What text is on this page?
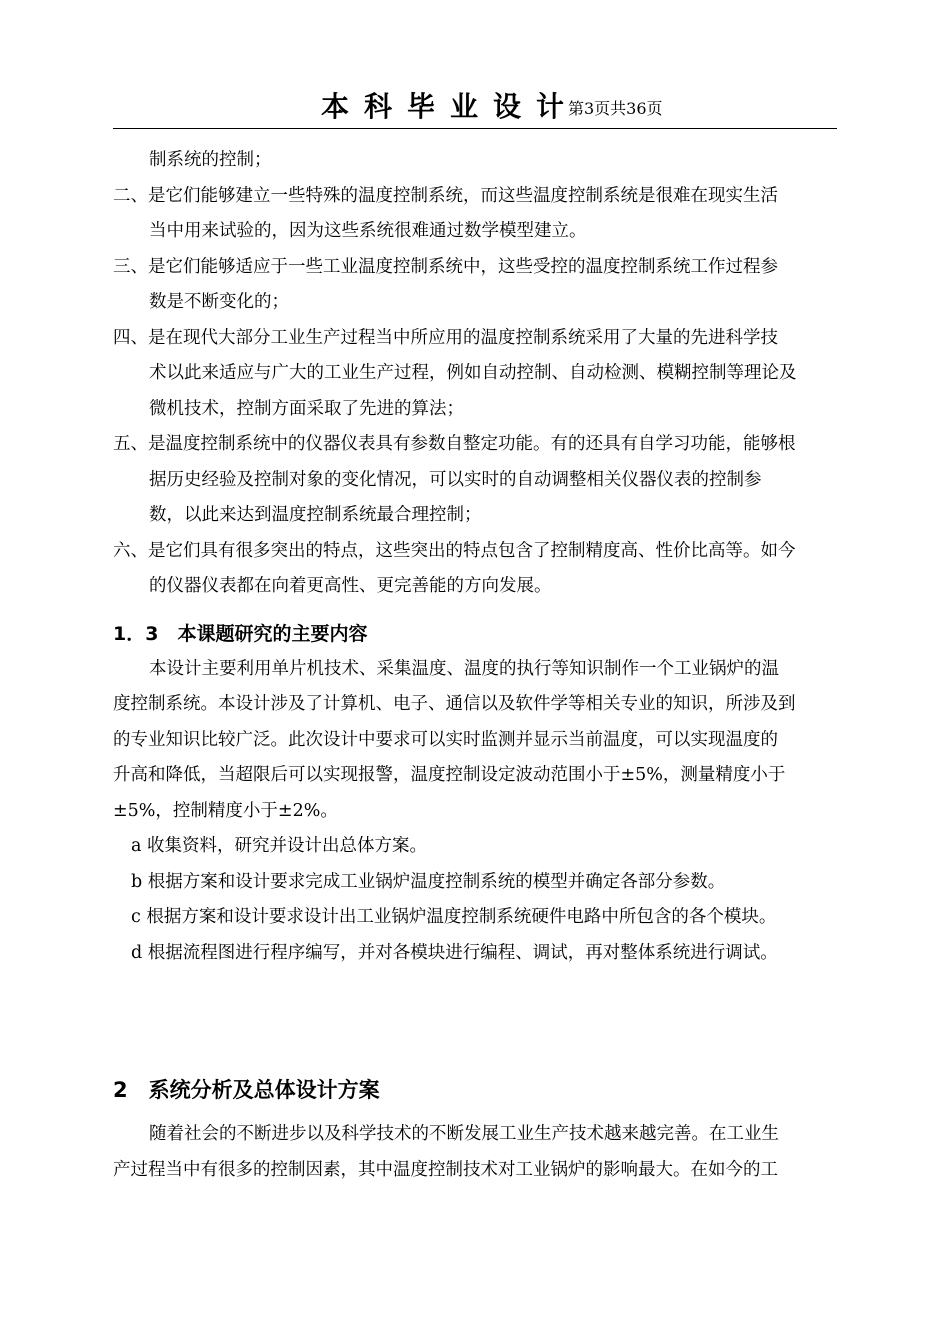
本科毕业设计
第3页共36页

制系统的控制；

二、是它们能够建立一些特殊的温度控制系统，而这些温度控制系统是很难在现实生活

当中用来试验的，因为这些系统很难通过数学模型建立。

三、是它们能够适应于一些工业温度控制系统中，这些受控的温度控制系统工作过程参

数是不断变化的；

四、是在现代大部分工业生产过程当中所应用的温度控制系统采用了大量的先进科学技

术以此来适应与广大的工业生产过程，例如自动控制、自动检测、模糊控制等理论及

微机技术，控制方面采取了先进的算法；

五、是温度控制系统中的仪器仪表具有参数自整定功能。有的还具有自学习功能，能够根

据历史经验及控制对象的变化情况，可以实时的自动调整相关仪器仪表的控制参

数，以此来达到温度控制系统最合理控制；

六、是它们具有很多突出的特点，这些突出的特点包含了控制精度高、性价比高等。如今

的仪器仪表都在向着更高性、更完善能的方向发展。

1．3　本课题研究的主要内容

本设计主要利用单片机技术、采集温度、温度的执行等知识制作一个工业锅炉的温

度控制系统。本设计涉及了计算机、电子、通信以及软件学等相关专业的知识，所涉及到

的专业知识比较广泛。此次设计中要求可以实时监测并显示当前温度，可以实现温度的

升高和降低，当超限后可以实现报警，温度控制设定波动范围小于±5%，测量精度小于

±5%，控制精度小于±2%。

a 收集资料，研究并设计出总体方案。

b 根据方案和设计要求完成工业锅炉温度控制系统的模型并确定各部分参数。

c 根据方案和设计要求设计出工业锅炉温度控制系统硬件电路中所包含的各个模块。

d 根据流程图进行程序编写，并对各模块进行编程、调试，再对整体系统进行调试。

2　系统分析及总体设计方案

随着社会的不断进步以及科学技术的不断发展工业生产技术越来越完善。在工业生

产过程当中有很多的控制因素，其中温度控制技术对工业锅炉的影响最大。在如今的工
